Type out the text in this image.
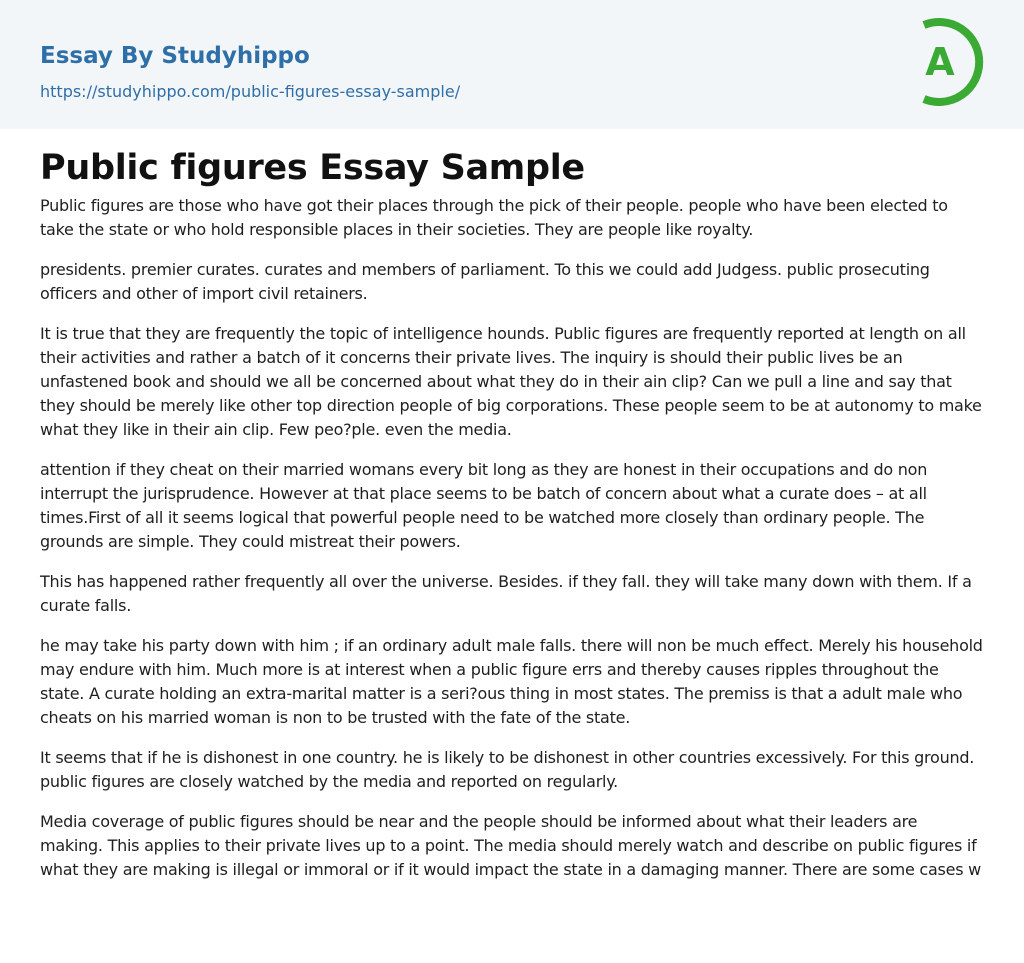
Essay By Studyhippo
https://studyhippo.com/public-figures-essay-sample/
A
Public figures Essay Sample

Public figures are those who have got their places through the pick of their people. people who have been elected to take the state or who hold responsible places in their societies. They are people like royalty.

presidents. premier curates. curates and members of parliament. To this we could add Judgess. public prosecuting officers and other of import civil retainers.

It is true that they are frequently the topic of intelligence hounds. Public figures are frequently reported at length on all their activities and rather a batch of it concerns their private lives. The inquiry is should their public lives be an unfastened book and should we all be concerned about what they do in their ain clip? Can we pull a line and say that they should be merely like other top direction people of big corporations. These people seem to be at autonomy to make what they like in their ain clip. Few peo?ple. even the media.

attention if they cheat on their married womans every bit long as they are honest in their occupations and do non interrupt the jurisprudence. However at that place seems to be batch of concern about what a curate does – at all times.First of all it seems logical that powerful people need to be watched more closely than ordinary people. The grounds are simple. They could mistreat their powers.

This has happened rather frequently all over the universe. Besides. if they fall. they will take many down with them. If a curate falls.

he may take his party down with him ; if an ordinary adult male falls. there will non be much effect. Merely his household may endure with him. Much more is at interest when a public figure errs and thereby causes ripples throughout the state. A curate holding an extra-marital matter is a seri?ous thing in most states. The premiss is that a adult male who cheats on his married woman is non to be trusted with the fate of the state.

It seems that if he is dishonest in one country. he is likely to be dishonest in other countries excessively. For this ground. public figures are closely watched by the media and reported on regularly.

Media coverage of public figures should be near and the people should be informed about what their leaders are making. This applies to their private lives up to a point. The media should merely watch and describe on public figures if what they are making is illegal or immoral or if it would impact the state in a damaging manner. There are some cases w
